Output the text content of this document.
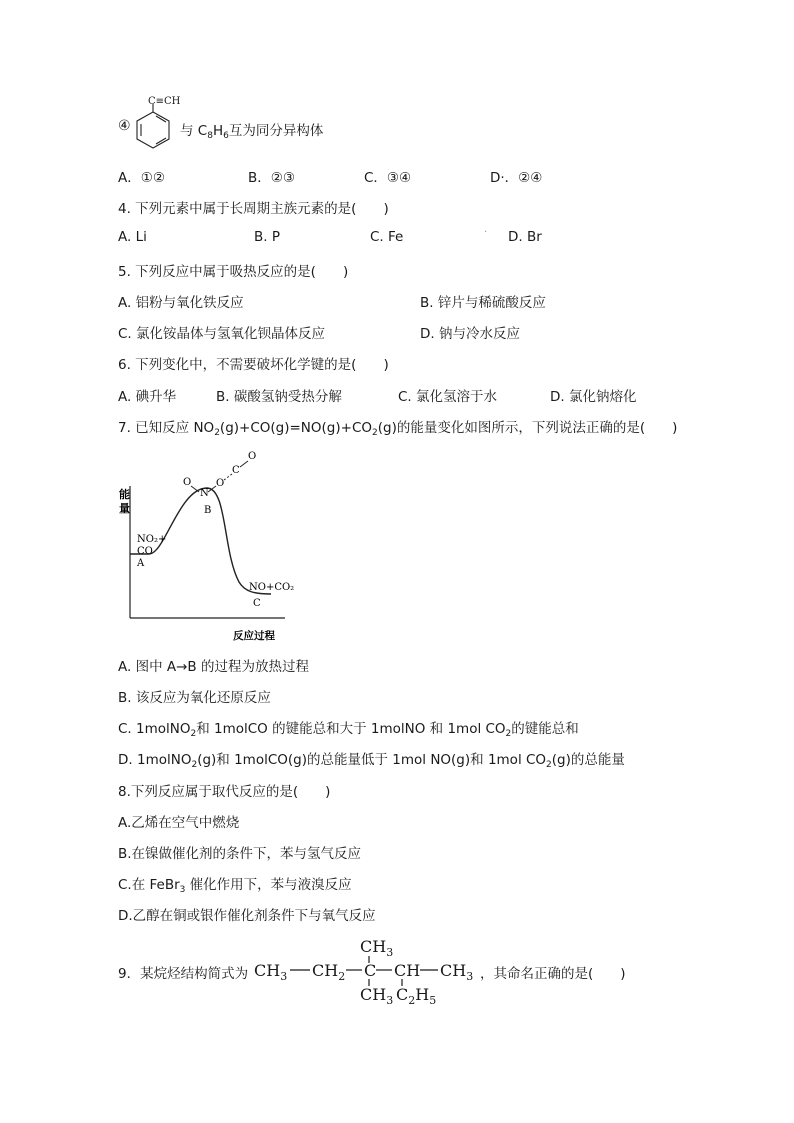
④
C≡CH
与 $C_8H_6$互为同分异构体
A．①②	B．②③	C．③④	D·．②④
4. 下列元素中属于长周期主族元素的是(　　)
A. Li	B. P	C. Fe	· D. Br
5. 下列反应中属于吸热反应的是(　　)
A. 铝粉与氧化铁反应	B. 锌片与稀硫酸反应
C. 氯化铵晶体与氢氧化钡晶体反应	D. 钠与冷水反应
6. 下列变化中，不需要破坏化学键的是(　　)
A. 碘升华	B. 碳酸氢钠受热分解	C. 氯化氢溶于水	D. 氯化钠熔化
7. 已知反应 $NO_2(g)+CO(g)=NO(g)+CO_2(g)$的能量变化如图所示，下列说法正确的是(　　)
能
量
NO₂+
CO
A
B
NO+CO₂
C
反应过程
O
N
O
C
O
A. 图中 A→B 的过程为放热过程
B. 该反应为氧化还原反应
C. 1molNO$_2$和 1molCO 的键能总和大于 1molNO 和 1mol $CO_2$的键能总和
D. 1molNO$_2$(g)和 1molCO(g)的总能量低于 1mol NO(g)和 1mol $CO_2(g)$的总能量
8.下列反应属于取代反应的是(　　)
A.乙烯在空气中燃烧
B.在镍做催化剂的条件下，苯与氢气反应
C.在 FeBr$_3$ 催化作用下，苯与液溴反应
D.乙醇在铜或银作催化剂条件下与氧气反应
9．某烷烃结构简式为 $CH_3$ $CH_2$ C CH $CH_3$
$CH_3$
$CH_3$ $C_2H_5$
，其命名正确的是(　　)
